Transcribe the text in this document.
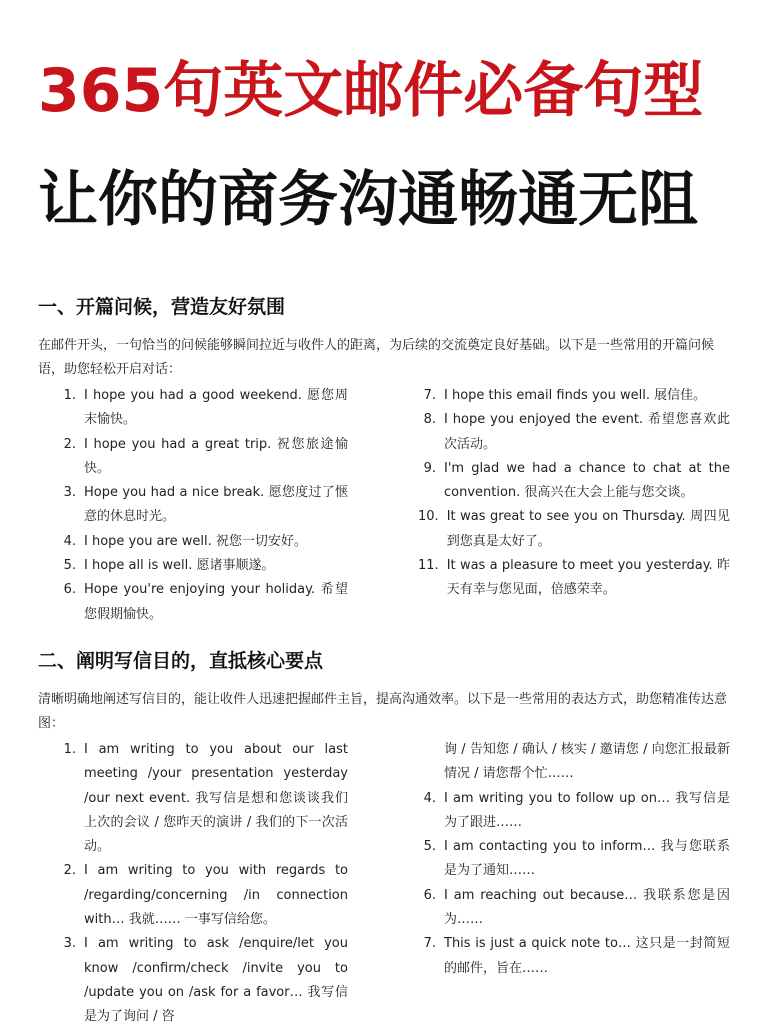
365句英文邮件必备句型
让你的商务沟通畅通无阻
一、开篇问候，营造友好氛围
在邮件开头，一句恰当的问候能够瞬间拉近与收件人的距离，为后续的交流奠定良好基础。以下是一些常用的开篇问候语，助您轻松开启对话：
1. I hope you had a good weekend. 愿您周末愉快。
2. I hope you had a great trip. 祝您旅途愉快。
3. Hope you had a nice break. 愿您度过了惬意的休息时光。
4. I hope you are well. 祝您一切安好。
5. I hope all is well. 愿诸事顺遂。
6. Hope you're enjoying your holiday. 希望您假期愉快。
7. I hope this email finds you well. 展信佳。
8. I hope you enjoyed the event. 希望您喜欢此次活动。
9. I'm glad we had a chance to chat at the convention. 很高兴在大会上能与您交谈。
10. It was great to see you on Thursday. 周四见到您真是太好了。
11. It was a pleasure to meet you yesterday. 昨天有幸与您见面，倍感荣幸。
二、阐明写信目的，直抵核心要点
清晰明确地阐述写信目的，能让收件人迅速把握邮件主旨，提高沟通效率。以下是一些常用的表达方式，助您精准传达意图：
1. I am writing to you about our last meeting /your presentation yesterday /our next event. 我写信是想和您谈谈我们上次的会议 / 您昨天的演讲 / 我们的下一次活动。
2. I am writing to you with regards to /regarding/concerning /in connection with… 我就…… 一事写信给您。
3. I am writing to ask /enquire/let you know /confirm/check /invite you to /update you on /ask for a favor… 我写信是为了询问 / 咨
询 / 告知您 / 确认 / 核实 / 邀请您 / 向您汇报最新情况 / 请您帮个忙……
4. I am writing you to follow up on… 我写信是为了跟进……
5. I am contacting you to inform… 我与您联系是为了通知……
6. I am reaching out because… 我联系您是因为……
7. This is just a quick note to… 这只是一封简短的邮件，旨在……
